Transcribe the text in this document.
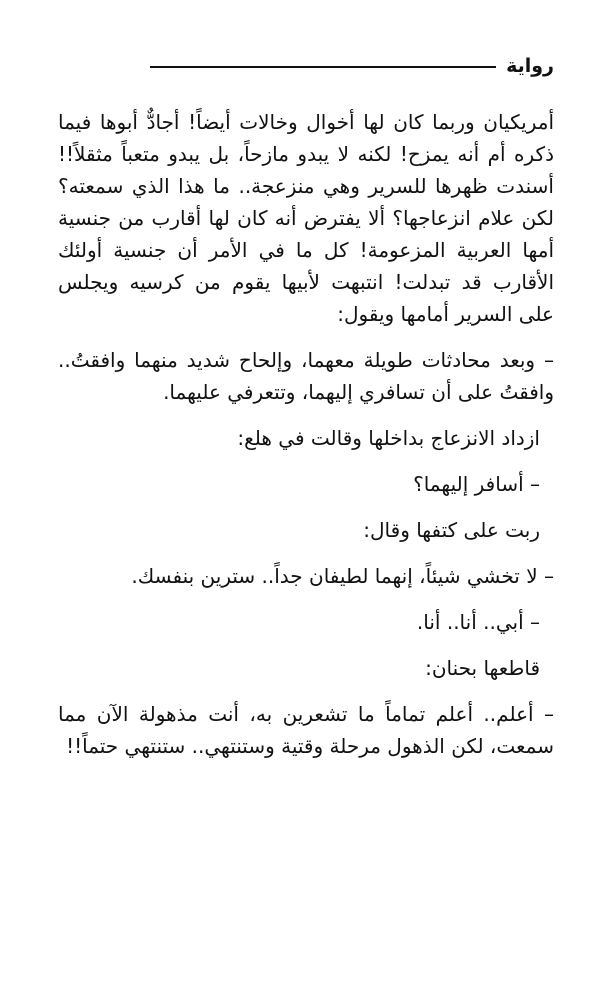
رواية

أمريكيان وربما كان لها أخوال وخالات أيضاً! أجادٌّ أبوها فيما ذكره أم أنه يمزح! لكنه لا يبدو مازحاً، بل يبدو متعباً مثقلاً!! أسندت ظهرها للسرير وهي منزعجة.. ما هذا الذي سمعته؟ لكن علام انزعاجها؟ ألا يفترض أنه كان لها أقارب من جنسية أمها العربية المزعومة! كل ما في الأمر أن جنسية أولئك الأقارب قد تبدلت! انتبهت لأبيها يقوم من كرسيه ويجلس على السرير أمامها ويقول:

– وبعد محادثات طويلة معهما، وإلحاح شديد منهما وافقتُ.. وافقتُ على أن تسافري إليهما، وتتعرفي عليهما.

ازداد الانزعاج بداخلها وقالت في هلع:

– أسافر إليهما؟

ربت على كتفها وقال:

– لا تخشي شيئاً، إنهما لطيفان جداً.. سترين بنفسك.

– أبي.. أنا.. أنا.

قاطعها بحنان:

– أعلم.. أعلم تماماً ما تشعرين به، أنت مذهولة الآن مما سمعت، لكن الذهول مرحلة وقتية وستنتهي.. ستنتهي حتماً!!
